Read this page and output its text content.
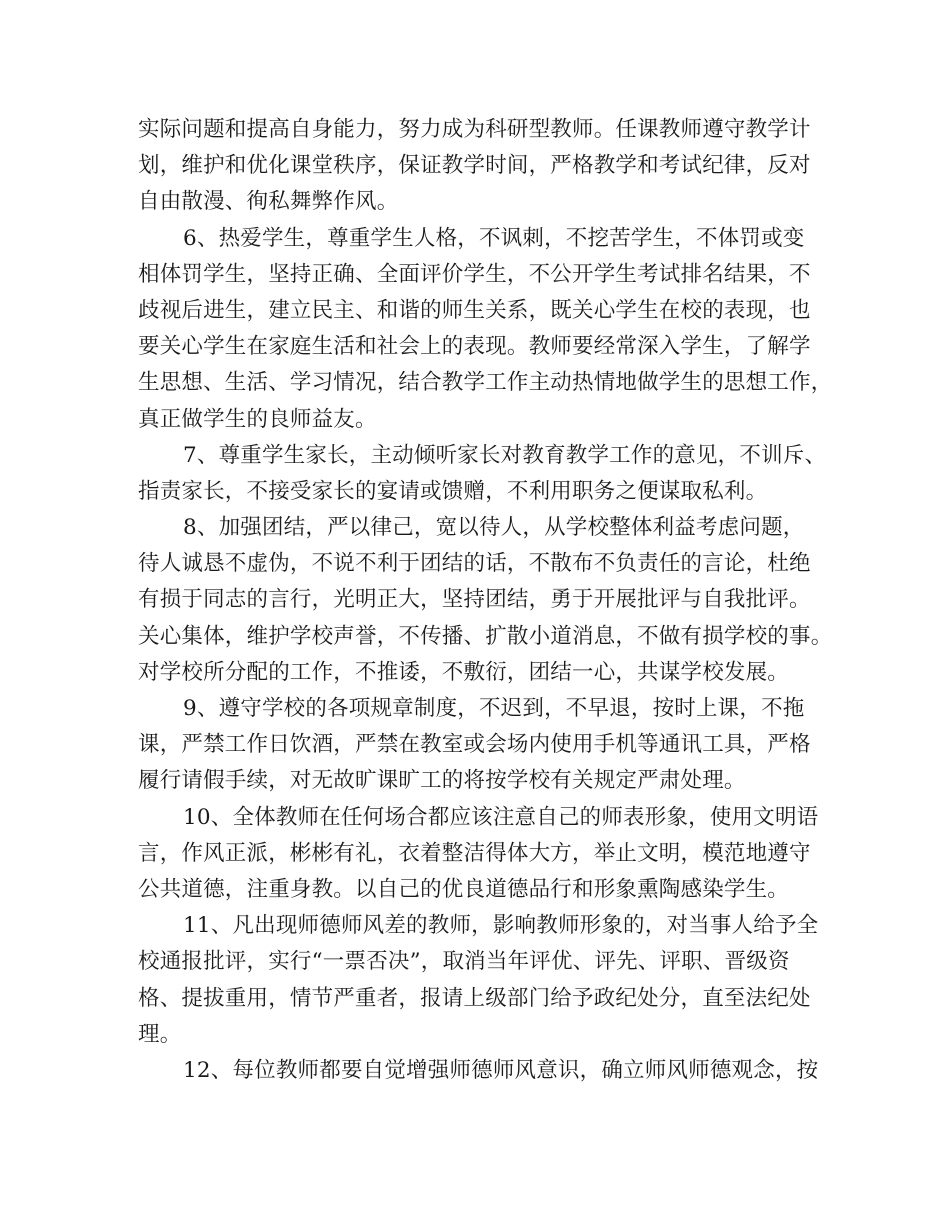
实际问题和提高自身能力，努力成为科研型教师。任课教师遵守教学计
划，维护和优化课堂秩序，保证教学时间，严格教学和考试纪律，反对
自由散漫、徇私舞弊作风。
6、热爱学生，尊重学生人格，不讽刺，不挖苦学生，不体罚或变
相体罚学生，坚持正确、全面评价学生，不公开学生考试排名结果，不
歧视后进生，建立民主、和谐的师生关系，既关心学生在校的表现，也
要关心学生在家庭生活和社会上的表现。教师要经常深入学生，了解学
生思想、生活、学习情况，结合教学工作主动热情地做学生的思想工作，
真正做学生的良师益友。
7、尊重学生家长，主动倾听家长对教育教学工作的意见，不训斥、
指责家长，不接受家长的宴请或馈赠，不利用职务之便谋取私利。
8、加强团结，严以律己，宽以待人，从学校整体利益考虑问题，
待人诚恳不虚伪，不说不利于团结的话，不散布不负责任的言论，杜绝
有损于同志的言行，光明正大，坚持团结，勇于开展批评与自我批评。
关心集体，维护学校声誉，不传播、扩散小道消息，不做有损学校的事。
对学校所分配的工作，不推诿，不敷衍，团结一心，共谋学校发展。
9、遵守学校的各项规章制度，不迟到，不早退，按时上课，不拖
课，严禁工作日饮酒，严禁在教室或会场内使用手机等通讯工具，严格
履行请假手续，对无故旷课旷工的将按学校有关规定严肃处理。
10、全体教师在任何场合都应该注意自己的师表形象，使用文明语
言，作风正派，彬彬有礼，衣着整洁得体大方，举止文明，模范地遵守
公共道德，注重身教。以自己的优良道德品行和形象熏陶感染学生。
11、凡出现师德师风差的教师，影响教师形象的，对当事人给予全
校通报批评，实行“一票否决”，取消当年评优、评先、评职、晋级资
格、提拔重用，情节严重者，报请上级部门给予政纪处分，直至法纪处
理。
12、每位教师都要自觉增强师德师风意识，确立师风师德观念，按
